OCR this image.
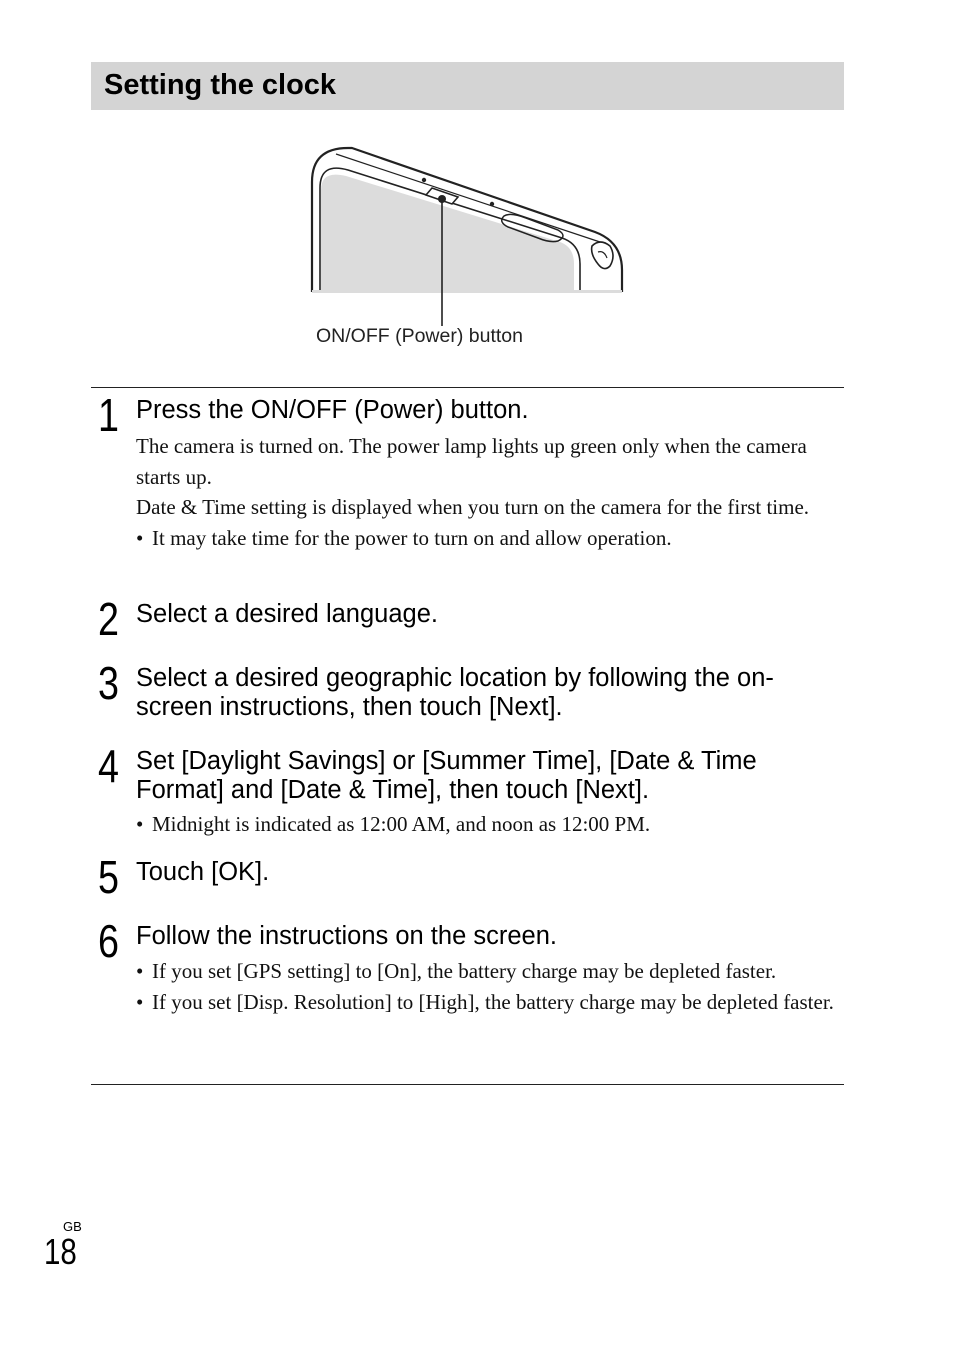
Setting the clock
ON/OFF (Power) button
1 Press the ON/OFF (Power) button.

The camera is turned on. The power lamp lights up green only when the camera starts up.

Date & Time setting is displayed when you turn on the camera for the first time.

• It may take time for the power to turn on and allow operation.

2 Select a desired language.
3 Select a desired geographic location by following the on-screen instructions, then touch [Next].
4 Set [Daylight Savings] or [Summer Time], [Date & Time Format] and [Date & Time], then touch [Next].

• Midnight is indicated as 12:00 AM, and noon as 12:00 PM.

5 Touch [OK].
6 Follow the instructions on the screen.

• If you set [GPS setting] to [On], the battery charge may be depleted faster.

• If you set [Disp. Resolution] to [High], the battery charge may be depleted faster.

GB
18
